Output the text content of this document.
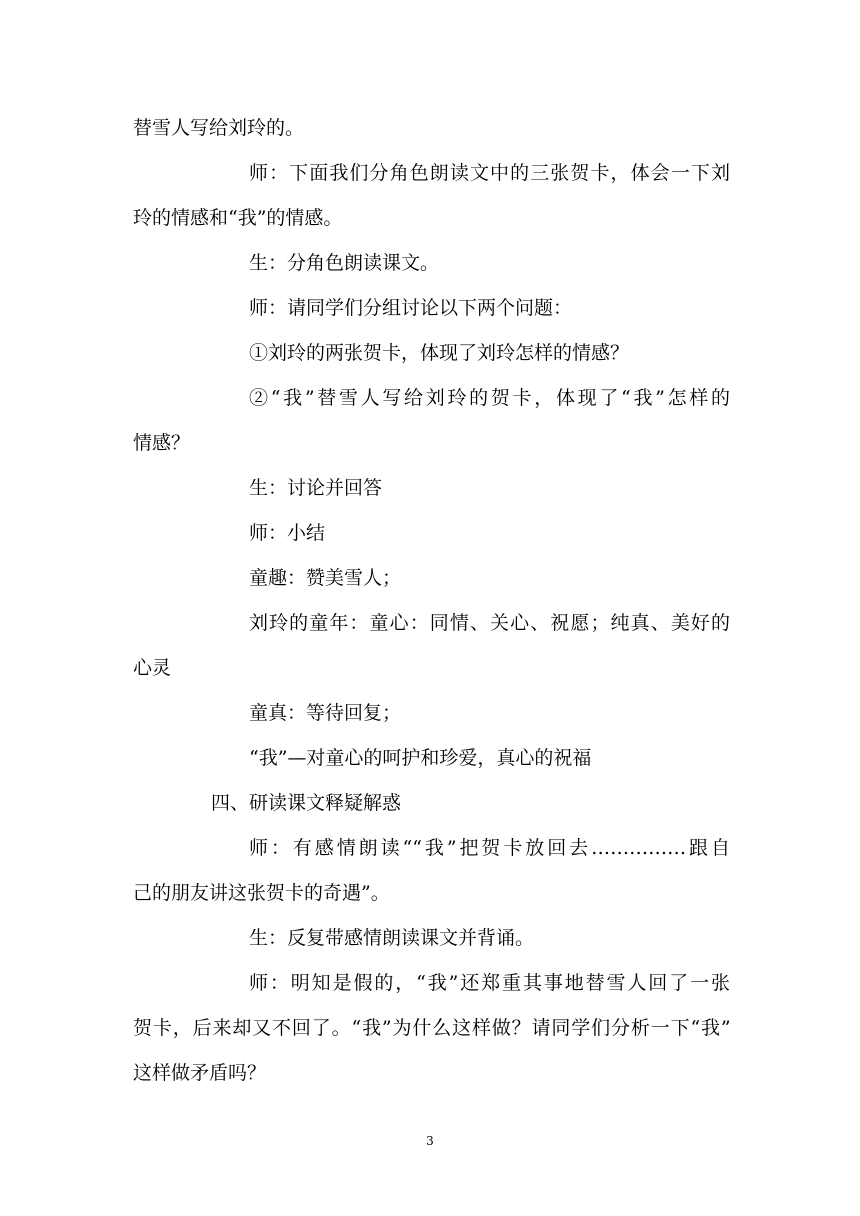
替雪人写给刘玲的。
师：下面我们分角色朗读文中的三张贺卡，体会一下刘
玲的情感和“我”的情感。
生：分角色朗读课文。
师：请同学们分组讨论以下两个问题：
①刘玲的两张贺卡，体现了刘玲怎样的情感？
②“我”替雪人写给刘玲的贺卡，体现了“我”怎样的
情感？
生：讨论并回答
师：小结
童趣：赞美雪人；
刘玲的童年：童心：同情、关心、祝愿；纯真、美好的
心灵
童真：等待回复；
“我”—对童心的呵护和珍爱，真心的祝福
四、研读课文释疑解惑
师：有感情朗读““我”把贺卡放回去……………跟自
己的朋友讲这张贺卡的奇遇”。
生：反复带感情朗读课文并背诵。
师：明知是假的，“我”还郑重其事地替雪人回了一张
贺卡，后来却又不回了。“我”为什么这样做？请同学们分析一下“我”
这样做矛盾吗？
3
